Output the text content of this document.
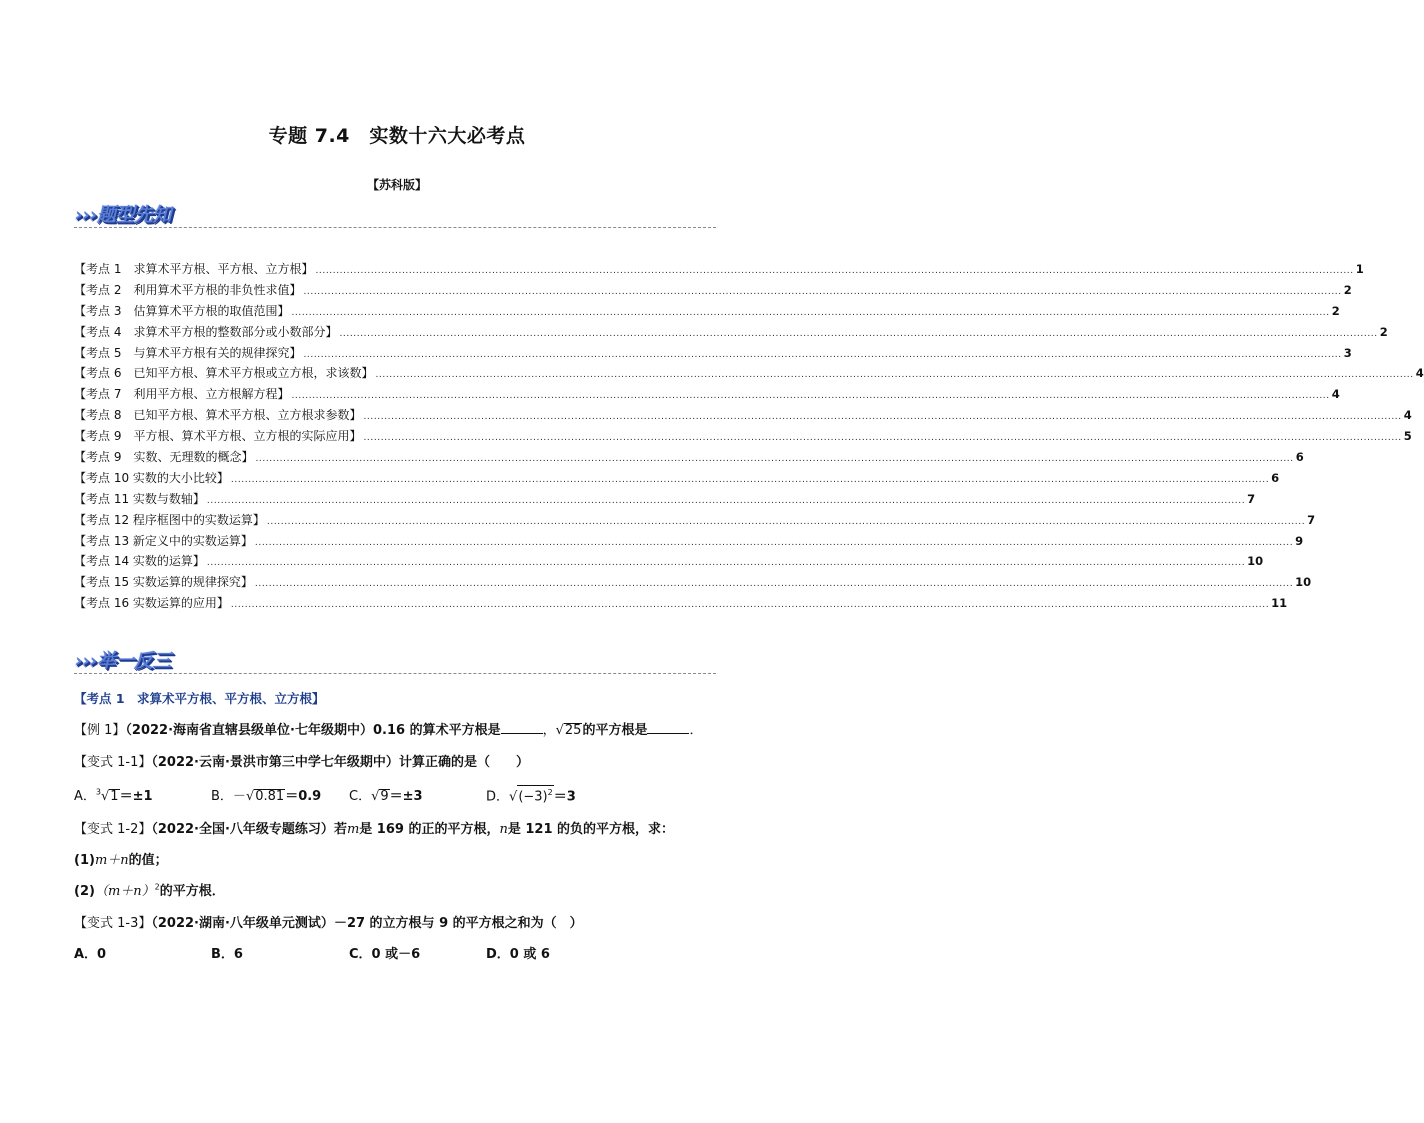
专题 7.4　实数十六大必考点
【苏科版】
›››题型先知
【考点 1　求算术平方根、平方根、立方根】 ............................................................................................................................................................................................................................................................................................................ 1
【考点 2　利用算术平方根的非负性求值】 ............................................................................................................................................................................................................................................................................................................ 2
【考点 3　估算算术平方根的取值范围】 ............................................................................................................................................................................................................................................................................................................ 2
【考点 4　求算术平方根的整数部分或小数部分】 ............................................................................................................................................................................................................................................................................................................ 2
【考点 5　与算术平方根有关的规律探究】 ............................................................................................................................................................................................................................................................................................................ 3
【考点 6　已知平方根、算术平方根或立方根，求该数】 ............................................................................................................................................................................................................................................................................................................ 4
【考点 7　利用平方根、立方根解方程】 ............................................................................................................................................................................................................................................................................................................ 4
【考点 8　已知平方根、算术平方根、立方根求参数】 ............................................................................................................................................................................................................................................................................................................ 4
【考点 9　平方根、算术平方根、立方根的实际应用】 ............................................................................................................................................................................................................................................................................................................ 5
【考点 9　实数、无理数的概念】 ............................................................................................................................................................................................................................................................................................................ 6
【考点 10 实数的大小比较】 ............................................................................................................................................................................................................................................................................................................ 6
【考点 11 实数与数轴】 ............................................................................................................................................................................................................................................................................................................ 7
【考点 12 程序框图中的实数运算】 ............................................................................................................................................................................................................................................................................................................ 7
【考点 13 新定义中的实数运算】 ............................................................................................................................................................................................................................................................................................................ 9
【考点 14 实数的运算】 ............................................................................................................................................................................................................................................................................................................ 10
【考点 15 实数运算的规律探究】 ............................................................................................................................................................................................................................................................................................................ 10
【考点 16 实数运算的应用】 ............................................................................................................................................................................................................................................................................................................ 11
›››举一反三
【考点 1　求算术平方根、平方根、立方根】
【例 1】（2022·海南省直辖县级单位·七年级期中）0.16 的算术平方根是	，√25的平方根是	．
【变式 1-1】（2022·云南·景洪市第三中学七年级期中）计算正确的是（　　）
A．$^3$√1＝±1	B．－√0.81＝0.9 C．√9＝±3	D．$√(-3)^2=3$
【变式 1-2】（2022·全国·八年级专题练习）若m是 169 的正的平方根，n是 121 的负的平方根，求：
(1)m＋n的值；
$(2)(m+n)^2$的平方根．
【变式 1-3】（2022·湖南·八年级单元测试）－27 的立方根与 9 的平方根之和为（　）
A．0	B．6	C．0 或－6	D．0 或 6
